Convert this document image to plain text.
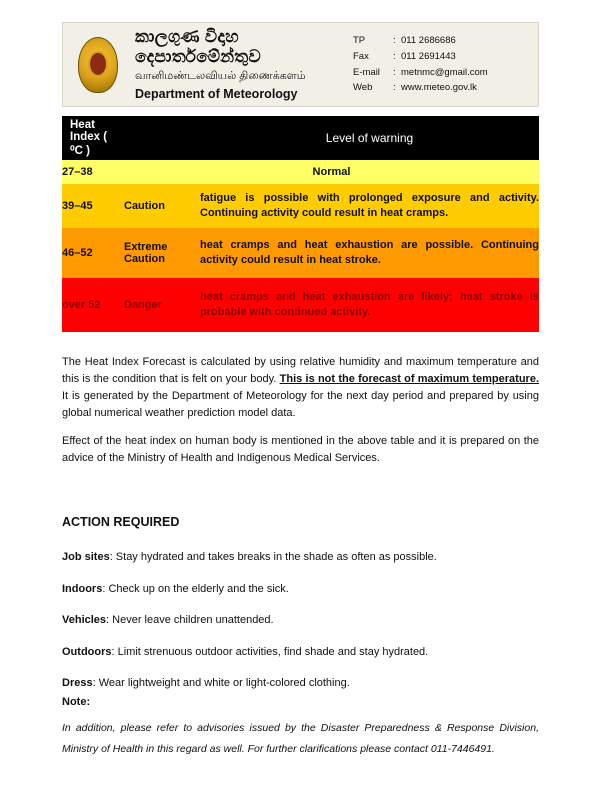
කාලගුණ විදාහ දෙපාර්තමේන්තුව
வானிமண்டலவியல் திணைக்களம்
Department of Meteorology
TP	: 011 2686686
Fax	: 011 2691443
E-mail	: metnmc@gmail.com
Web	: www.meteo.gov.lk
Heat Index ( ⁰C )		Level of warning
27–38	Normal	
39–45	Caution	fatigue is possible with prolonged exposure and activity. Continuing activity could result in heat cramps.
46–52	Extreme Caution	heat cramps and heat exhaustion are possible. Continuing activity could result in heat stroke.
over 52	Danger	heat cramps and heat exhaustion are likely; heat stroke is probable with continued activity.
The Heat Index Forecast is calculated by using relative humidity and maximum temperature and this is the condition that is felt on your body. This is not the forecast of maximum temperature. It is generated by the Department of Meteorology for the next day period and prepared by using global numerical weather prediction model data.
Effect of the heat index on human body is mentioned in the above table and it is prepared on the advice of the Ministry of Health and Indigenous Medical Services.
ACTION REQUIRED
Job sites: Stay hydrated and takes breaks in the shade as often as possible.
Indoors: Check up on the elderly and the sick.
Vehicles: Never leave children unattended.
Outdoors: Limit strenuous outdoor activities, find shade and stay hydrated.
Dress: Wear lightweight and white or light-colored clothing.
Note:
In addition, please refer to advisories issued by the Disaster Preparedness & Response Division, Ministry of Health in this regard as well. For further clarifications please contact 011-7446491.
